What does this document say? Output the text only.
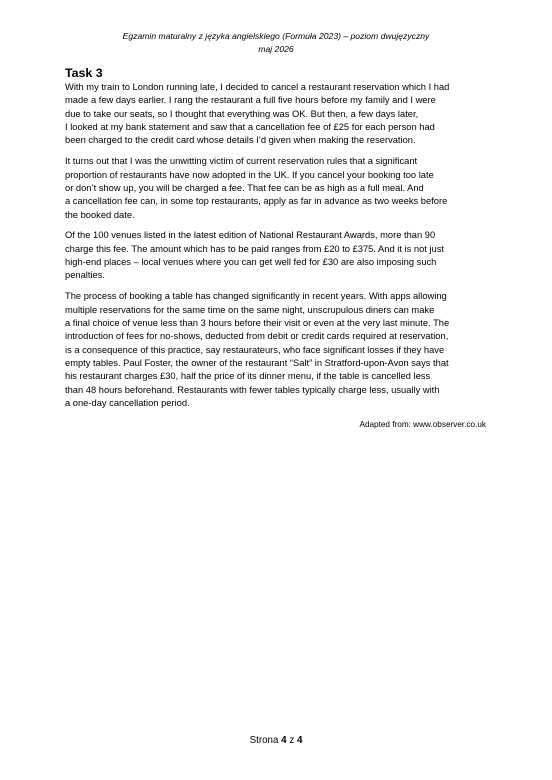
Egzamin maturalny z języka angielskiego (Formuła 2023) – poziom dwujęzyczny
maj 2026
Task 3

With my train to London running late, I decided to cancel a restaurant reservation which I had
made a few days earlier. I rang the restaurant a full five hours before my family and I were
due to take our seats, so I thought that everything was OK. But then, a few days later,
I looked at my bank statement and saw that a cancellation fee of £25 for each person had
been charged to the credit card whose details I’d given when making the reservation.

It turns out that I was the unwitting victim of current reservation rules that a significant
proportion of restaurants have now adopted in the UK. If you cancel your booking too late
or don’t show up, you will be charged a fee. That fee can be as high as a full meal. And
a cancellation fee can, in some top restaurants, apply as far in advance as two weeks before
the booked date.

Of the 100 venues listed in the latest edition of National Restaurant Awards, more than 90
charge this fee. The amount which has to be paid ranges from £20 to £375. And it is not just
high-end places – local venues where you can get well fed for £30 are also imposing such
penalties.

The process of booking a table has changed significantly in recent years. With apps allowing
multiple reservations for the same time on the same night, unscrupulous diners can make
a final choice of venue less than 3 hours before their visit or even at the very last minute. The
introduction of fees for no-shows, deducted from debit or credit cards required at reservation,
is a consequence of this practice, say restaurateurs, who face significant losses if they have
empty tables. Paul Foster, the owner of the restaurant “Salt” in Stratford-upon-Avon says that
his restaurant charges £30, half the price of its dinner menu, if the table is cancelled less
than 48 hours beforehand. Restaurants with fewer tables typically charge less, usually with
a one-day cancellation period.

Adapted from: www.observer.co.uk
Strona 4 z 4
